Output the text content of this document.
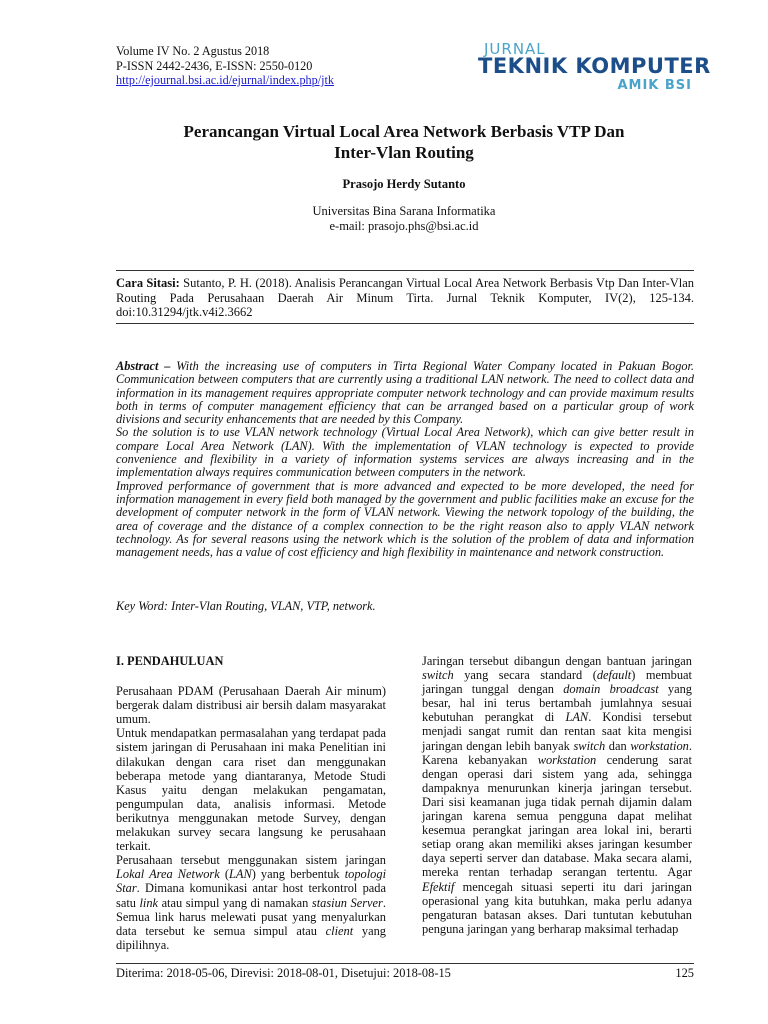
Volume IV No. 2 Agustus 2018
P-ISSN 2442-2436, E-ISSN: 2550-0120
http://ejournal.bsi.ac.id/ejurnal/index.php/jtk
JURNAL
TEKNIK KOMPUTER
AMIK BSI
Perancangan Virtual Local Area Network Berbasis VTP Dan
Inter-Vlan Routing
Prasojo Herdy Sutanto
Universitas Bina Sarana Informatika
e-mail: prasojo.phs@bsi.ac.id
Cara Sitasi: Sutanto, P. H. (2018). Analisis Perancangan Virtual Local Area Network Berbasis Vtp Dan Inter-Vlan Routing Pada Perusahaan Daerah Air Minum Tirta. Jurnal Teknik Komputer, IV(2), 125-134. doi:10.31294/jtk.v4i2.3662

Abstract – With the increasing use of computers in Tirta Regional Water Company located in Pakuan Bogor. Communication between computers that are currently using a traditional LAN network. The need to collect data and information in its management requires appropriate computer network technology and can provide maximum results both in terms of computer management efficiency that can be arranged based on a particular group of work divisions and security enhancements that are needed by this Company.

So the solution is to use VLAN network technology (Virtual Local Area Network), which can give better result in compare Local Area Network (LAN). With the implementation of VLAN technology is expected to provide convenience and flexibility in a variety of information systems services are always increasing and in the implementation always requires communication between computers in the network.

Improved performance of government that is more advanced and expected to be more developed, the need for information management in every field both managed by the government and public facilities make an excuse for the development of computer network in the form of VLAN network. Viewing the network topology of the building, the area of coverage and the distance of a complex connection to be the right reason also to apply VLAN network technology. As for several reasons using the network which is the solution of the problem of data and information management needs, has a value of cost efficiency and high flexibility in maintenance and network construction.

Key Word: Inter-Vlan Routing, VLAN, VTP, network.

I. PENDAHULUAN

Perusahaan PDAM (Perusahaan Daerah Air minum) bergerak dalam distribusi air bersih dalam masyarakat umum.

Untuk mendapatkan permasalahan yang terdapat pada sistem jaringan di Perusahaan ini maka Penelitian ini dilakukan dengan cara riset dan menggunakan beberapa metode yang diantaranya, Metode Studi Kasus yaitu dengan melakukan pengamatan, pengumpulan data, analisis informasi. Metode berikutnya menggunakan metode Survey, dengan melakukan survey secara langsung ke perusahaan terkait.

Perusahaan tersebut menggunakan sistem jaringan Lokal Area Network (LAN) yang berbentuk topologi Star. Dimana komunikasi antar host terkontrol pada satu link atau simpul yang di namakan stasiun Server. Semua link harus melewati pusat yang menyalurkan data tersebut ke semua simpul atau client yang dipilihnya.

Jaringan tersebut dibangun dengan bantuan jaringan switch yang secara standard (default) membuat jaringan tunggal dengan domain broadcast yang besar, hal ini terus bertambah jumlahnya sesuai kebutuhan perangkat di LAN. Kondisi tersebut menjadi sangat rumit dan rentan saat kita mengisi jaringan dengan lebih banyak switch dan workstation. Karena kebanyakan workstation cenderung sarat dengan operasi dari sistem yang ada, sehingga dampaknya menurunkan kinerja jaringan tersebut. Dari sisi keamanan juga tidak pernah dijamin dalam jaringan karena semua pengguna dapat melihat kesemua perangkat jaringan area lokal ini, berarti setiap orang akan memiliki akses jaringan kesumber daya seperti server dan database. Maka secara alami, mereka rentan terhadap serangan tertentu. Agar Efektif mencegah situasi seperti itu dari jaringan operasional yang kita butuhkan, maka perlu adanya pengaturan batasan akses. Dari tuntutan kebutuhan penguna jaringan yang berharap maksimal terhadap

Diterima: 2018-05-06, Direvisi: 2018-08-01, Disetujui: 2018-08-15	125
